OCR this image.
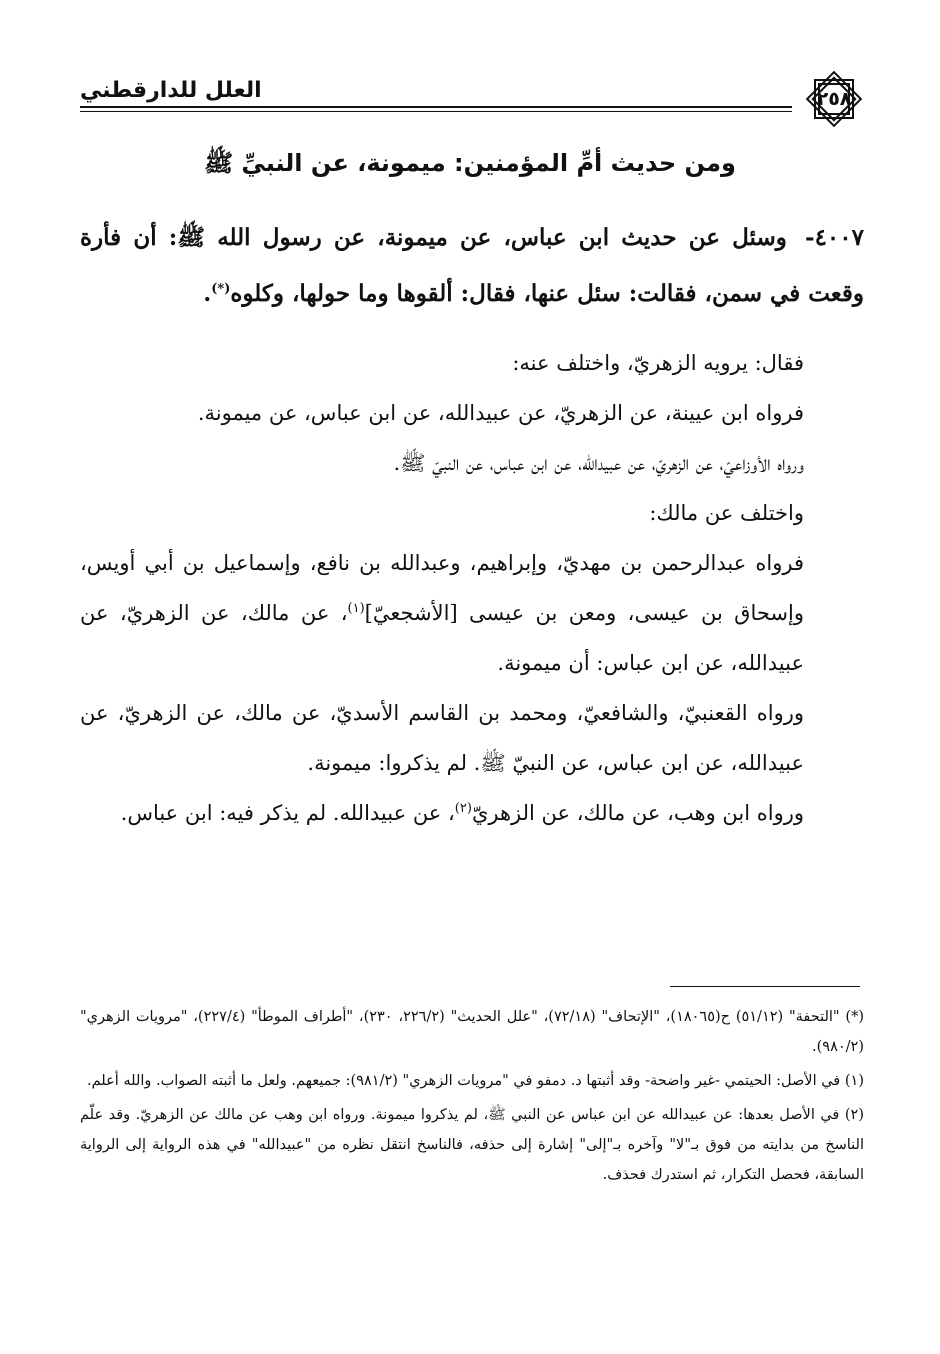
العلل للدارقطني	٢٥٨
ومن حديث أمِّ المؤمنين: ميمونة، عن النبيِّ ﷺ
٤٠٠٧- وسئل عن حديث ابن عباس، عن ميمونة، عن رسول الله ﷺ: أن فأرة وقعت في سمن، فقالت: سئل عنها، فقال: ألقوها وما حولها، وكلوه(*).

فقال: يرويه الزهريّ، واختلف عنه:

فرواه ابن عيينة، عن الزهريّ، عن عبيدالله، عن ابن عباس، عن ميمونة.

ورواه الأوزاعيّ، عن الزهريّ، عن عبيدالله، عن ابن عباس، عن النبيّ ﷺ.

واختلف عن مالك:

فرواه عبدالرحمن بن مهديّ، وإبراهيم، وعبدالله بن نافع، وإسماعيل بن أبي أويس، وإسحاق بن عيسى، ومعن بن عيسى [الأشجعيّ]$^{(١)}$، عن مالك، عن الزهريّ، عن عبيدالله، عن ابن عباس: أن ميمونة.

ورواه القعنبيّ، والشافعيّ، ومحمد بن القاسم الأسديّ، عن مالك، عن الزهريّ، عن عبيدالله، عن ابن عباس، عن النبيّ ﷺ. لم يذكروا: ميمونة.

ورواه ابن وهب، عن مالك، عن الزهريّ$^{(٢)}$، عن عبيدالله. لم يذكر فيه: ابن عباس.

(*) "التحفة" (٥١/١٢) ح(١٨٠٦٥)، "الإتحاف" (٧٢/١٨)، "علل الحديث" (٢٢٦/٢، ٢٣٠)، "أطراف الموطأ" (٢٢٧/٤)، "مرويات الزهري" (٩٨٠/٢).

(١) في الأصل: الحيتمي -غير واضحة- وقد أثبتها د. دمفو في "مرويات الزهري" (٩٨١/٢): جميعهم. ولعل ما أثبته الصواب. والله أعلم.

(٢) في الأصل بعدها: عن عبيدالله عن ابن عباس عن النبي ﷺ، لم يذكروا ميمونة. ورواه ابن وهب عن مالك عن الزهريّ. وقد علّم الناسخ من بدايته من فوق بـ"لا" وآخره بـ"إلى" إشارة إلى حذفه، فالناسخ انتقل نظره من "عبيدالله" في هذه الرواية إلى الرواية السابقة، فحصل التكرار، ثم استدرك فحذف.
